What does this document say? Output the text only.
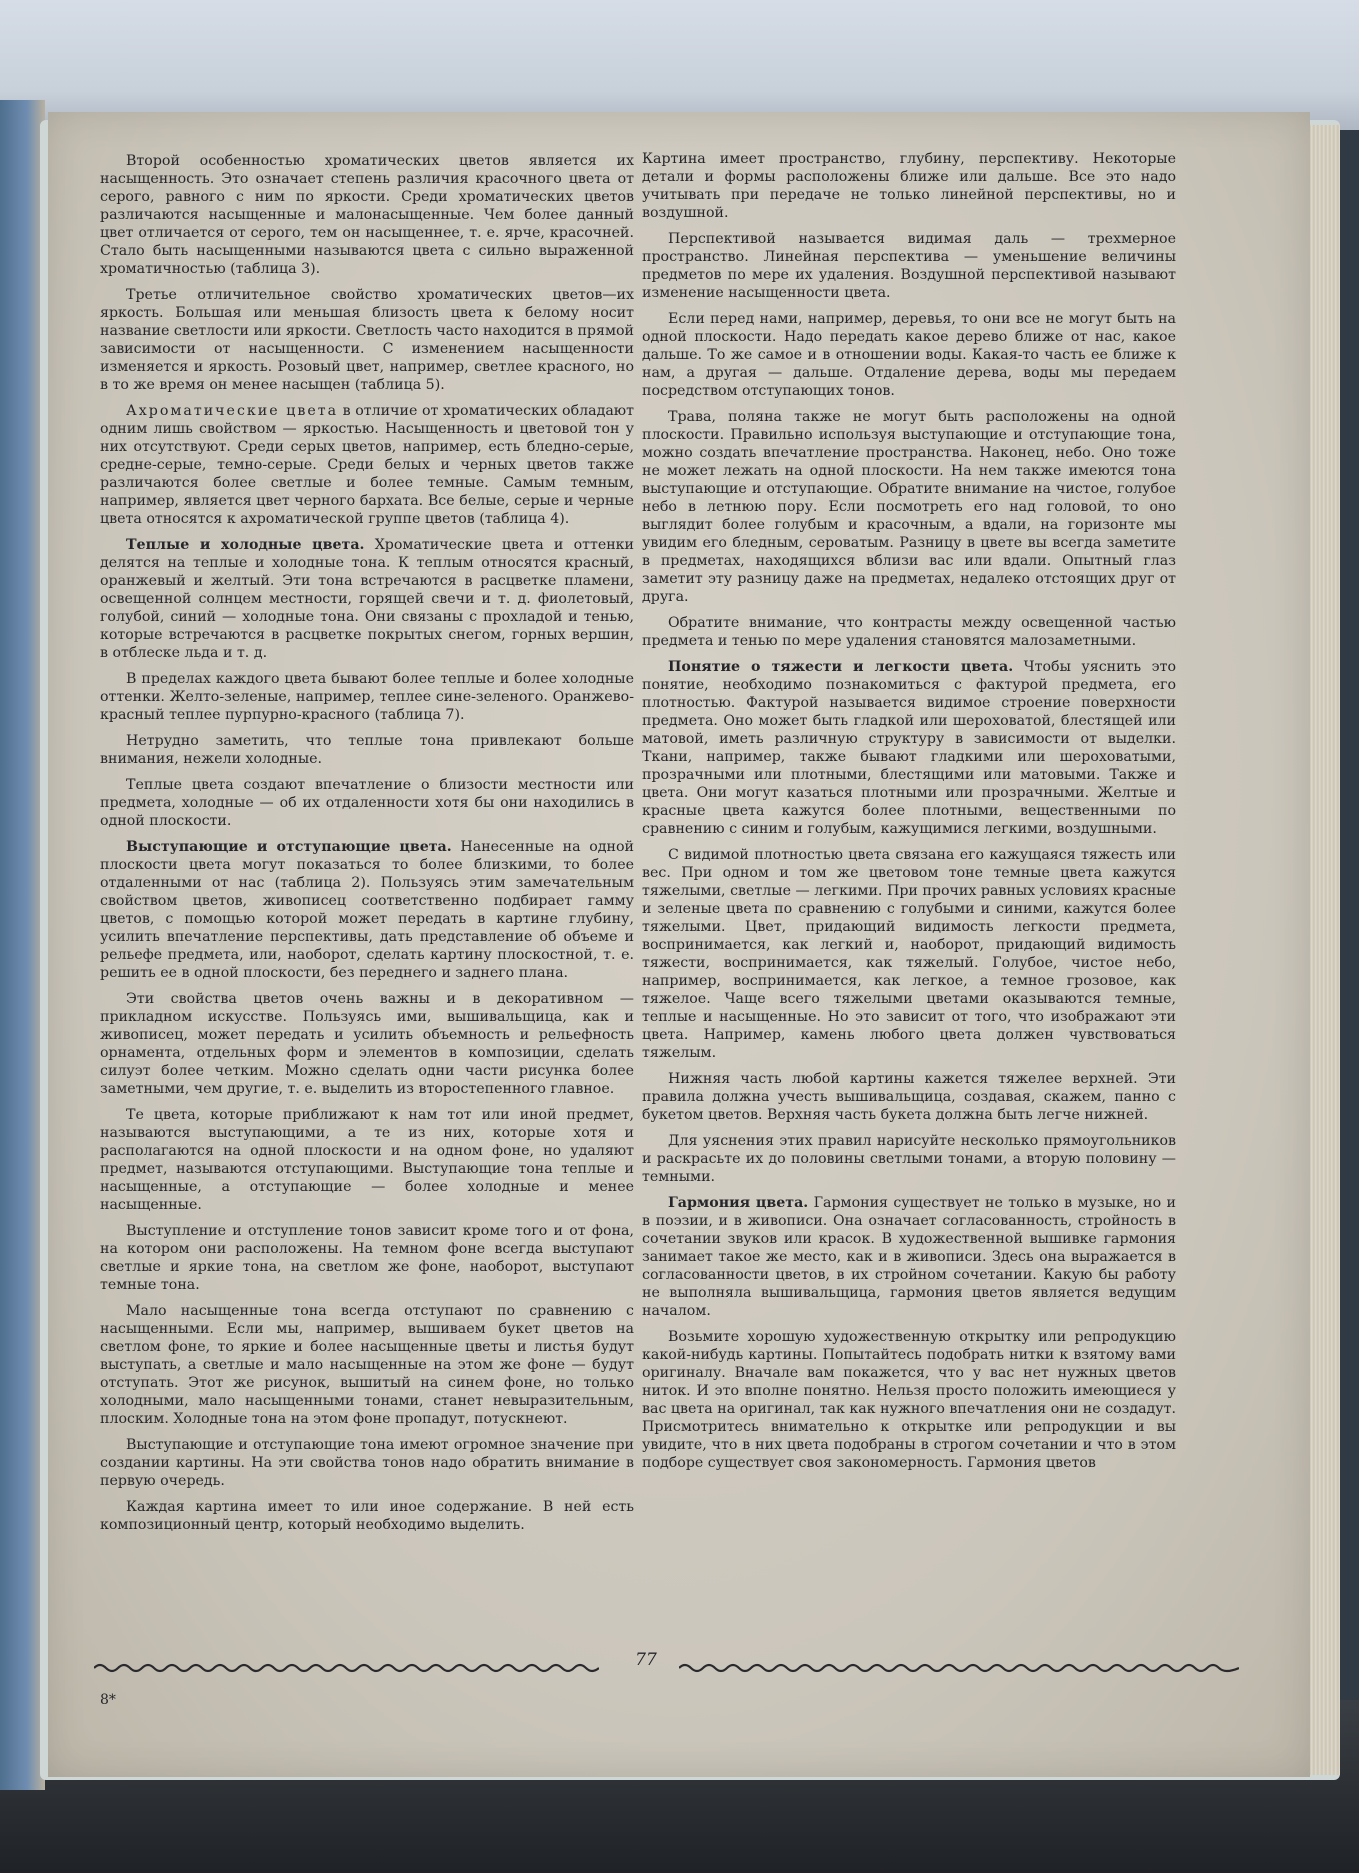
Второй особенностью хроматических цветов является их насыщенность. Это означает степень различия красочного цвета от серого, равного с ним по яркости. Среди хроматических цветов различаются насыщенные и малонасыщенные. Чем более данный цвет отличается от серого, тем он насыщеннее, т. е. ярче, красочней. Стало быть насыщенными называются цвета с сильно выраженной хроматичностью (таблица 3).

Третье отличительное свойство хроматических цветов—их яркость. Большая или меньшая близость цвета к белому носит название светлости или яркости. Светлость часто находится в прямой зависимости от насыщенности. С изменением насыщенности изменяется и яркость. Розовый цвет, например, светлее красного, но в то же время он менее насыщен (таблица 5).

Ахроматические цвета в отличие от хроматических обладают одним лишь свойством — яркостью. Насыщенность и цветовой тон у них отсутствуют. Среди серых цветов, например, есть бледно-серые, средне-серые, темно-серые. Среди белых и черных цветов также различаются более светлые и более темные. Самым темным, например, является цвет черного бархата. Все белые, серые и черные цвета относятся к ахроматической группе цветов (таблица 4).

Теплые и холодные цвета. Хроматические цвета и оттенки делятся на теплые и холодные тона. К теплым относятся красный, оранжевый и желтый. Эти тона встречаются в расцветке пламени, освещенной солнцем местности, горящей свечи и т. д. фиолетовый, голубой, синий — холодные тона. Они связаны с прохладой и тенью, которые встречаются в расцветке покрытых снегом, горных вершин, в отблеске льда и т. д.

В пределах каждого цвета бывают более теплые и более холодные оттенки. Желто-зеленые, например, теплее сине-зеленого. Оранжево-красный теплее пурпурно-красного (таблица 7).

Нетрудно заметить, что теплые тона привлекают больше внимания, нежели холодные.

Теплые цвета создают впечатление о близости местности или предмета, холодные — об их отдаленности хотя бы они находились в одной плоскости.

Выступающие и отступающие цвета. Нанесенные на одной плоскости цвета могут показаться то более близкими, то более отдаленными от нас (таблица 2). Пользуясь этим замечательным свойством цветов, живописец соответственно подбирает гамму цветов, с помощью которой может передать в картине глубину, усилить впечатление перспективы, дать представление об объеме и рельефе предмета, или, наоборот, сделать картину плоскостной, т. е. решить ее в одной плоскости, без переднего и заднего плана.

Эти свойства цветов очень важны и в декоративном — прикладном искусстве. Пользуясь ими, вышивальщица, как и живописец, может передать и усилить объемность и рельефность орнамента, отдельных форм и элементов в композиции, сделать силуэт более четким. Можно сделать одни части рисунка более заметными, чем другие, т. е. выделить из второстепенного главное.

Те цвета, которые приближают к нам тот или иной предмет, называются выступающими, а те из них, которые хотя и располагаются на одной плоскости и на одном фоне, но удаляют предмет, называются отступающими. Выступающие тона теплые и насыщенные, а отступающие — более холодные и менее насыщенные.

Выступление и отступление тонов зависит кроме того и от фона, на котором они расположены. На темном фоне всегда выступают светлые и яркие тона, на светлом же фоне, наоборот, выступают темные тона.

Мало насыщенные тона всегда отступают по сравнению с насыщенными. Если мы, например, вышиваем букет цветов на светлом фоне, то яркие и более насыщенные цветы и листья будут выступать, а светлые и мало насыщенные на этом же фоне — будут отступать. Этот же рисунок, вышитый на синем фоне, но только холодными, мало насыщенными тонами, станет невыразительным, плоским. Холодные тона на этом фоне пропадут, потускнеют.

Выступающие и отступающие тона имеют огромное значение при создании картины. На эти свойства тонов надо обратить внимание в первую очередь.

Каждая картина имеет то или иное содержание. В ней есть композиционный центр, который необходимо выделить.

Картина имеет пространство, глубину, перспективу. Некоторые детали и формы расположены ближе или дальше. Все это надо учитывать при передаче не только линейной перспективы, но и воздушной.

Перспективой называется видимая даль — трехмерное пространство. Линейная перспектива — уменьшение величины предметов по мере их удаления. Воздушной перспективой называют изменение насыщенности цвета.

Если перед нами, например, деревья, то они все не могут быть на одной плоскости. Надо передать какое дерево ближе от нас, какое дальше. То же самое и в отношении воды. Какая-то часть ее ближе к нам, а другая — дальше. Отдаление дерева, воды мы передаем посредством отступающих тонов.

Трава, поляна также не могут быть расположены на одной плоскости. Правильно используя выступающие и отступающие тона, можно создать впечатление пространства. Наконец, небо. Оно тоже не может лежать на одной плоскости. На нем также имеются тона выступающие и отступающие. Обратите внимание на чистое, голубое небо в летнюю пору. Если посмотреть его над головой, то оно выглядит более голубым и красочным, а вдали, на горизонте мы увидим его бледным, сероватым. Разницу в цвете вы всегда заметите в предметах, находящихся вблизи вас или вдали. Опытный глаз заметит эту разницу даже на предметах, недалеко отстоящих друг от друга.

Обратите внимание, что контрасты между освещенной частью предмета и тенью по мере удаления становятся малозаметными.

Понятие о тяжести и легкости цвета. Чтобы уяснить это понятие, необходимо познакомиться с фактурой предмета, его плотностью. Фактурой называется видимое строение поверхности предмета. Оно может быть гладкой или шероховатой, блестящей или матовой, иметь различную структуру в зависимости от выделки. Ткани, например, также бывают гладкими или шероховатыми, прозрачными или плотными, блестящими или матовыми. Также и цвета. Они могут казаться плотными или прозрачными. Желтые и красные цвета кажутся более плотными, вещественными по сравнению с синим и голубым, кажущимися легкими, воздушными.

С видимой плотностью цвета связана его кажущаяся тяжесть или вес. При одном и том же цветовом тоне темные цвета кажутся тяжелыми, светлые — легкими. При прочих равных условиях красные и зеленые цвета по сравнению с голубыми и синими, кажутся более тяжелыми. Цвет, придающий видимость легкости предмета, воспринимается, как легкий и, наоборот, придающий видимость тяжести, воспринимается, как тяжелый. Голубое, чистое небо, например, воспринимается, как легкое, а темное грозовое, как тяжелое. Чаще всего тяжелыми цветами оказываются темные, теплые и насыщенные. Но это зависит от того, что изображают эти цвета. Например, камень любого цвета должен чувствоваться тяжелым.

Нижняя часть любой картины кажется тяжелее верхней. Эти правила должна учесть вышивальщица, создавая, скажем, панно с букетом цветов. Верхняя часть букета должна быть легче нижней.

Для уяснения этих правил нарисуйте несколько прямоугольников и раскрасьте их до половины светлыми тонами, а вторую половину — темными.

Гармония цвета. Гармония существует не только в музыке, но и в поэзии, и в живописи. Она означает согласованность, стройность в сочетании звуков или красок. В художественной вышивке гармония занимает такое же место, как и в живописи. Здесь она выражается в согласованности цветов, в их стройном сочетании. Какую бы работу не выполняла вышивальщица, гармония цветов является ведущим началом.

Возьмите хорошую художественную открытку или репродукцию какой-нибудь картины. Попытайтесь подобрать нитки к взятому вами оригиналу. Вначале вам покажется, что у вас нет нужных цветов ниток. И это вполне понятно. Нельзя просто положить имеющиеся у вас цвета на оригинал, так как нужного впечатления они не создадут. Присмотритесь внимательно к открытке или репродукции и вы увидите, что в них цвета подобраны в строгом сочетании и что в этом подборе существует своя закономерность. Гармония цветов

77
8*
